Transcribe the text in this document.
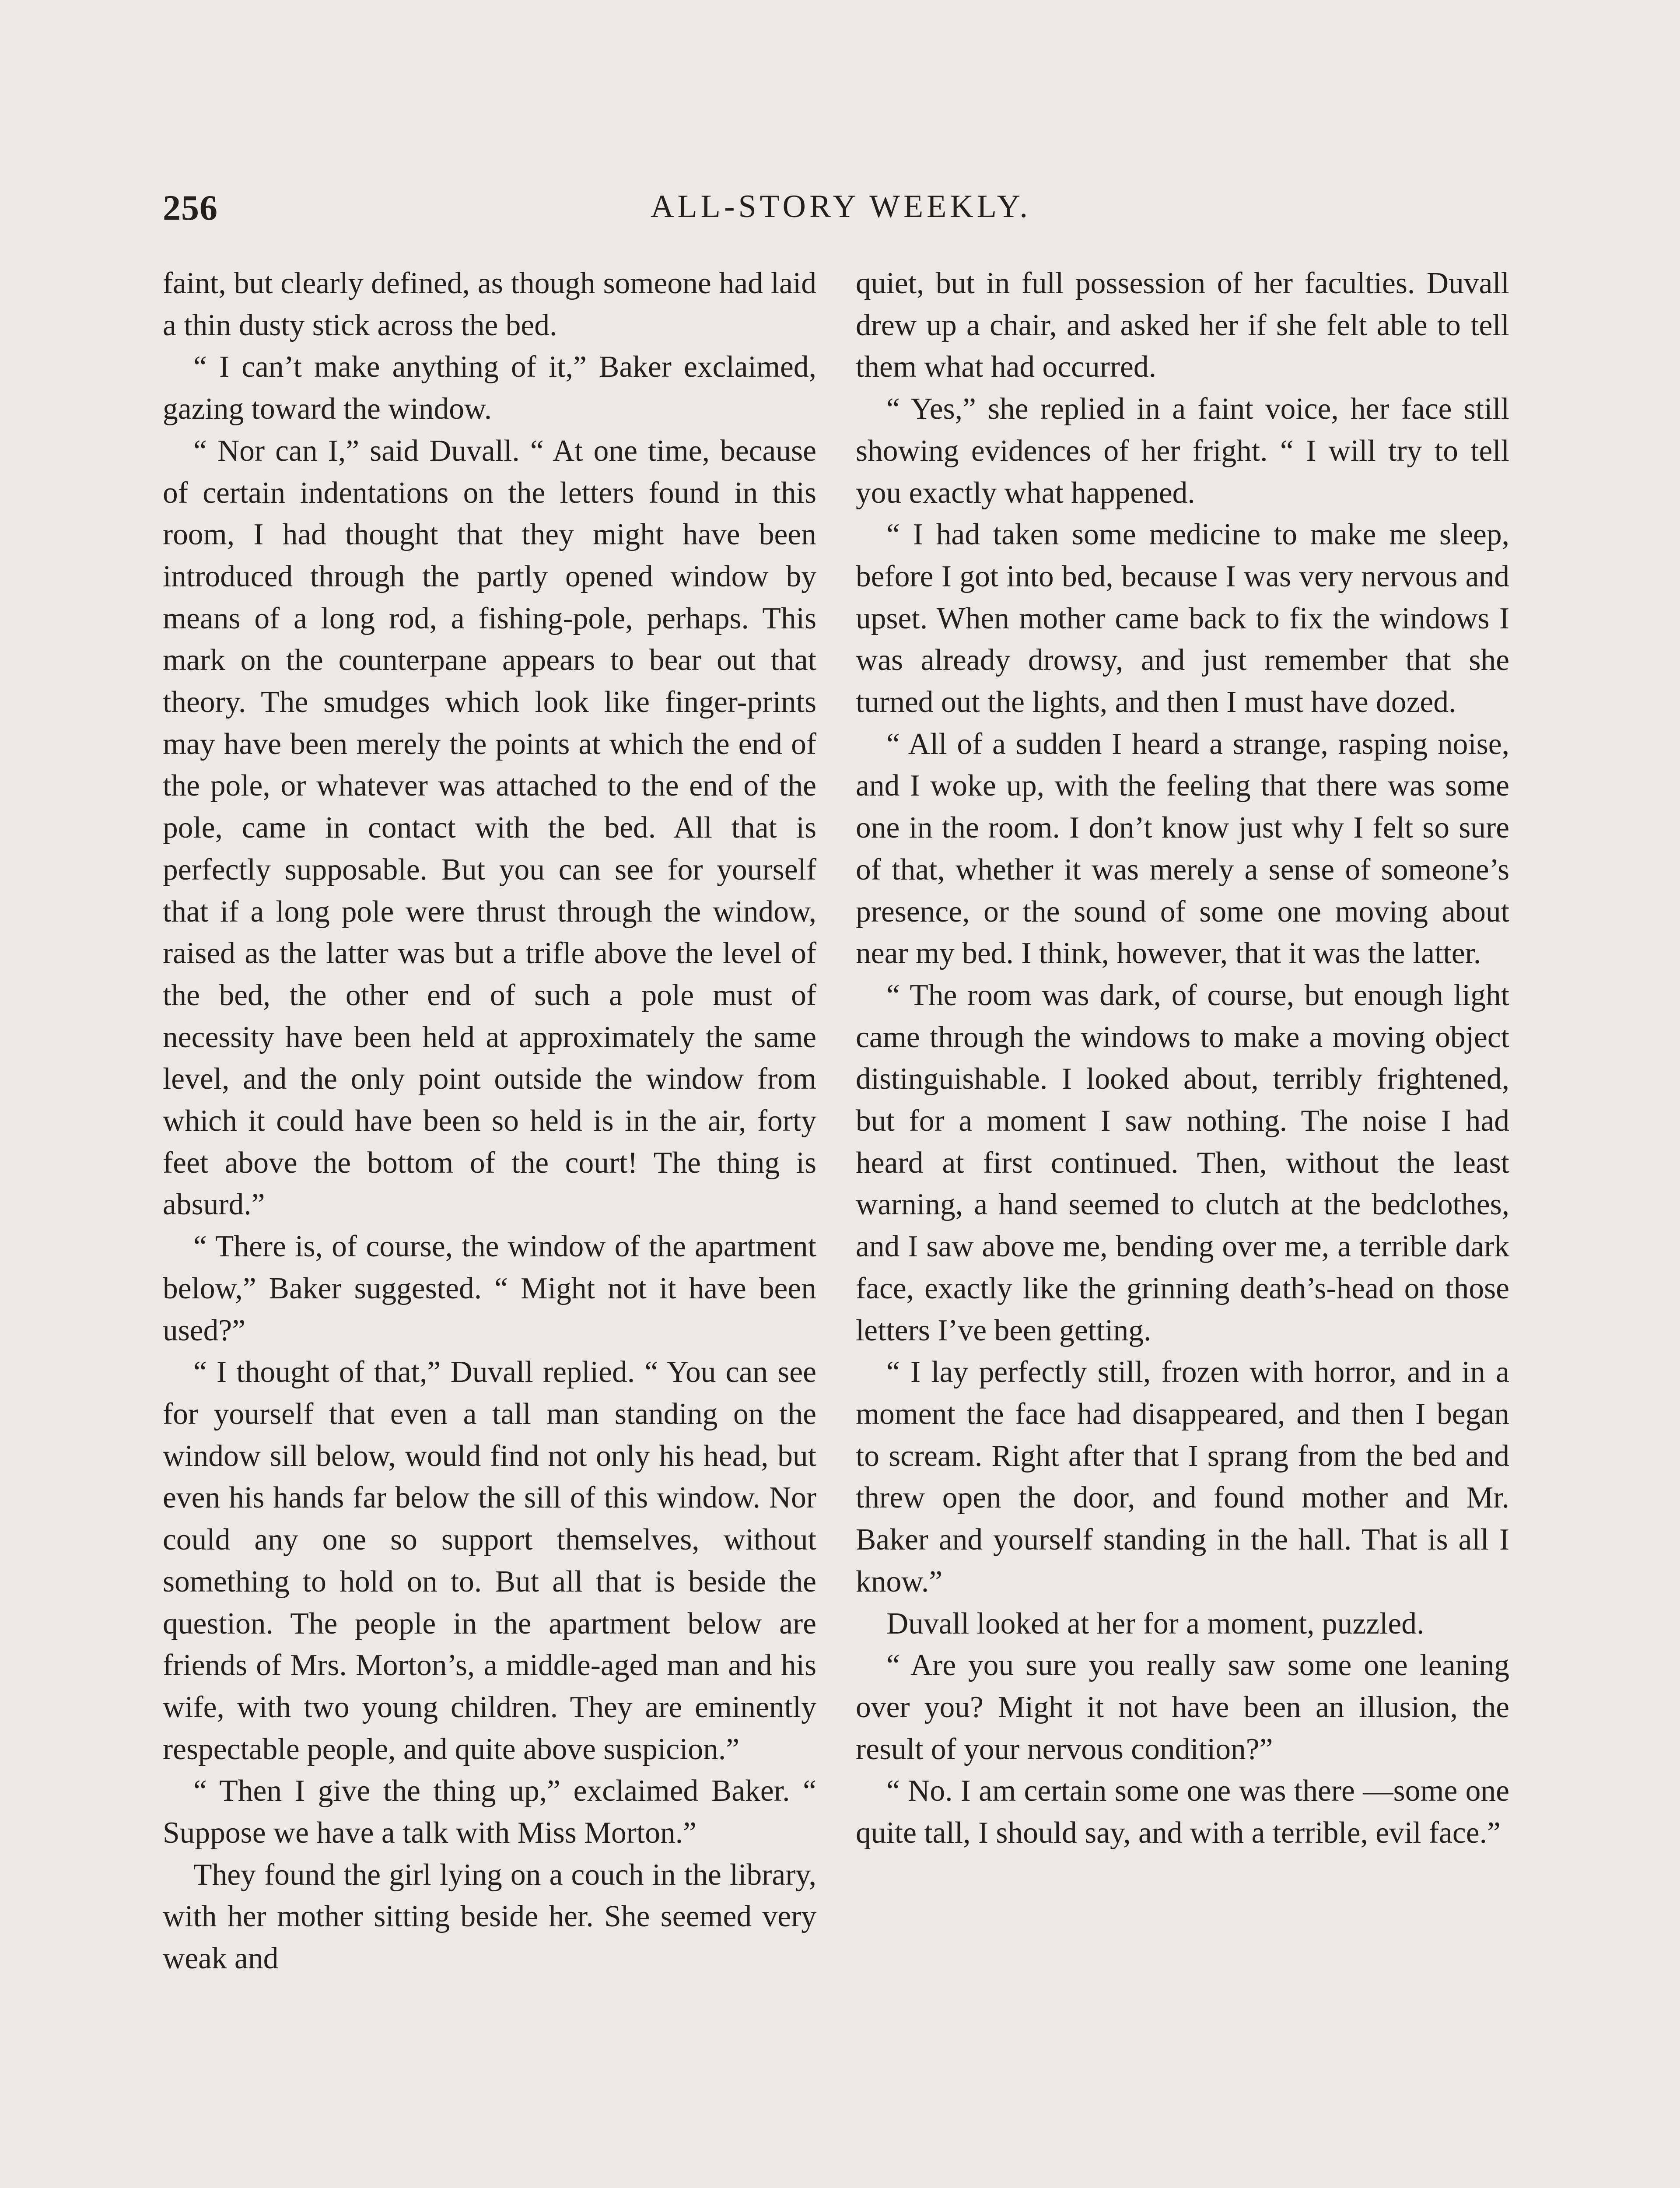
256	ALL-STORY WEEKLY.

faint, but clearly defined, as though someone had laid a thin dusty stick across the bed.

“ I can’t make anything of it,” Baker exclaimed, gazing toward the window.

“ Nor can I,” said Duvall. “ At one time, because of certain indentations on the letters found in this room, I had thought that they might have been introduced through the partly opened window by means of a long rod, a fishing-pole, perhaps. This mark on the counterpane appears to bear out that theory. The smudges which look like finger-prints may have been merely the points at which the end of the pole, or whatever was attached to the end of the pole, came in contact with the bed. All that is perfectly supposable. But you can see for yourself that if a long pole were thrust through the window, raised as the latter was but a trifle above the level of the bed, the other end of such a pole must of necessity have been held at approximately the same level, and the only point outside the window from which it could have been so held is in the air, forty feet above the bottom of the court! The thing is absurd.”

“ There is, of course, the window of the apartment below,” Baker suggested. “ Might not it have been used?”

“ I thought of that,” Duvall replied. “ You can see for yourself that even a tall man standing on the window sill below, would find not only his head, but even his hands far below the sill of this window. Nor could any one so support themselves, without something to hold on to. But all that is beside the question. The people in the apartment below are friends of Mrs. Morton’s, a middle-aged man and his wife, with two young children. They are eminently respectable people, and quite above suspicion.”

“ Then I give the thing up,” exclaimed Baker. “ Suppose we have a talk with Miss Morton.”

They found the girl lying on a couch in the library, with her mother sitting beside her. She seemed very weak and

quiet, but in full possession of her faculties. Duvall drew up a chair, and asked her if she felt able to tell them what had occurred.

“ Yes,” she replied in a faint voice, her face still showing evidences of her fright. “ I will try to tell you exactly what happened.

“ I had taken some medicine to make me sleep, before I got into bed, because I was very nervous and upset. When mother came back to fix the windows I was already drowsy, and just remember that she turned out the lights, and then I must have dozed.

“ All of a sudden I heard a strange, rasping noise, and I woke up, with the feeling that there was some one in the room. I don’t know just why I felt so sure of that, whether it was merely a sense of someone’s presence, or the sound of some one moving about near my bed. I think, however, that it was the latter.

“ The room was dark, of course, but enough light came through the windows to make a moving object distinguishable. I looked about, terribly frightened, but for a moment I saw nothing. The noise I had heard at first continued. Then, without the least warning, a hand seemed to clutch at the bedclothes, and I saw above me, bending over me, a terrible dark face, exactly like the grinning death’s-head on those letters I’ve been getting.

“ I lay perfectly still, frozen with horror, and in a moment the face had disappeared, and then I began to scream. Right after that I sprang from the bed and threw open the door, and found mother and Mr. Baker and yourself standing in the hall. That is all I know.”

Duvall looked at her for a moment, puzzled.

“ Are you sure you really saw some one leaning over you? Might it not have been an illusion, the result of your nervous condition?”

“ No. I am certain some one was there —some one quite tall, I should say, and with a terrible, evil face.”
